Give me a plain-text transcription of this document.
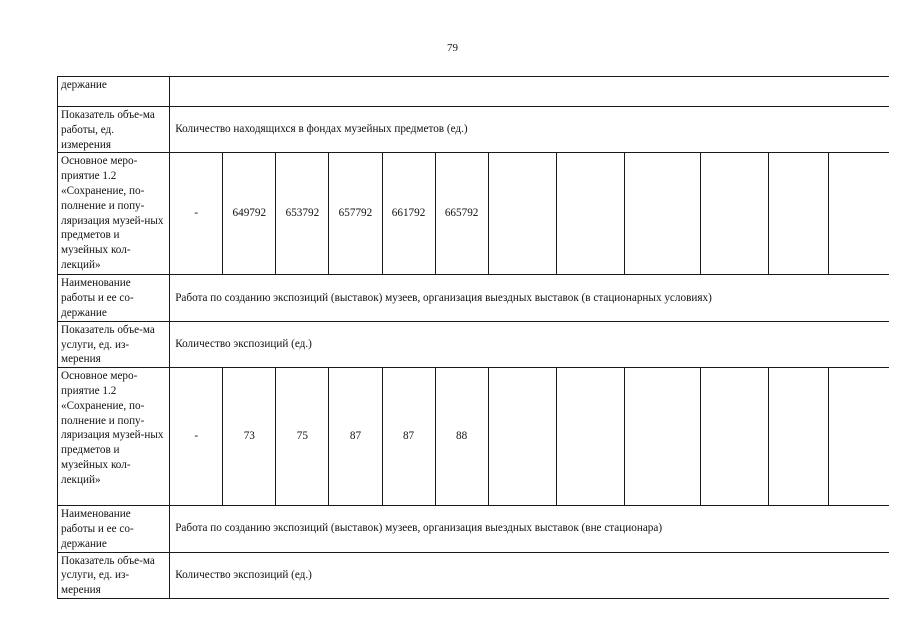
79
держание												
Показатель объе-ма работы, ед. измерения	Количество находящихся в фондах музейных предметов (ед.)											
Основное меро-приятие 1.2 «Сохранение, по-полнение и попу-ляризация музей-ных предметов и музейных кол-лекций»	-	649792	653792	657792	661792	665792						
Наименование работы и ее со-держание	Работа по созданию экспозиций (выставок) музеев, организация выездных выставок (в стационарных условиях)											
Показатель объе-ма услуги, ед. из-мерения	Количество экспозиций (ед.)											
Основное меро-приятие 1.2 «Сохранение, по-полнение и попу-ляризация музей-ных предметов и музейных кол-лекций»	-	73	75	87	87	88						
Наименование работы и ее со-держание	Работа по созданию экспозиций (выставок) музеев, организация выездных выставок (вне стационара)											
Показатель объе-ма услуги, ед. из-мерения	Количество экспозиций (ед.)											
